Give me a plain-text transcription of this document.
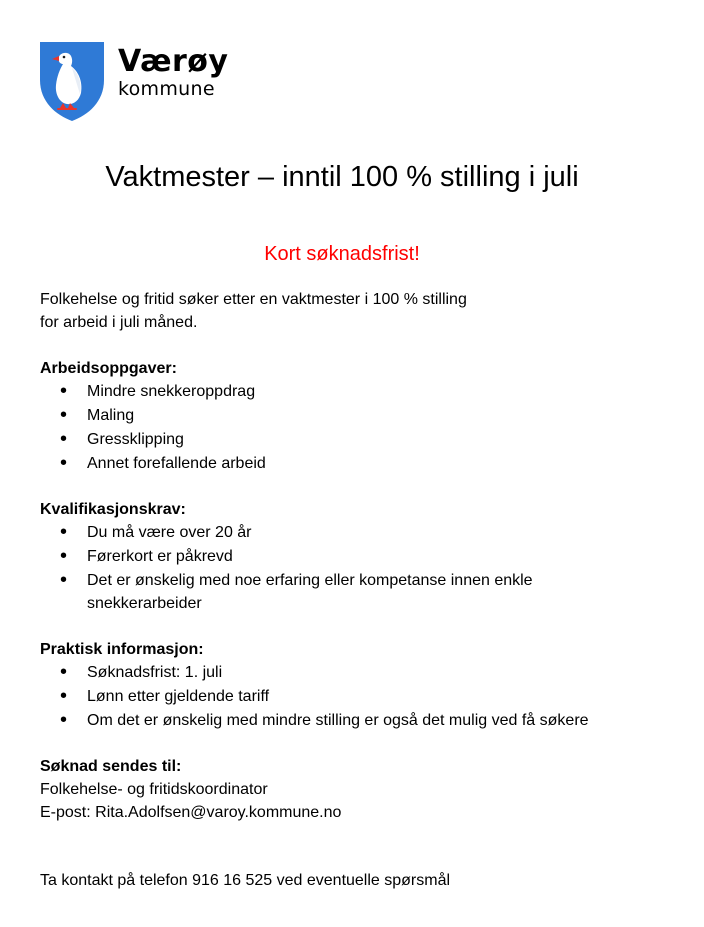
Værøy
kommune
Vaktmester – inntil 100 % stilling i juli
Kort søknadsfrist!

Folkehelse og fritid søker etter en vaktmester i 100 % stilling
for arbeid i juli måned.

Arbeidsoppgaver:

• Mindre snekkeroppdrag
• Maling
• Gressklipping
• Annet forefallende arbeid

Kvalifikasjonskrav:

• Du må være over 20 år
• Førerkort er påkrevd
• Det er ønskelig med noe erfaring eller kompetanse innen enkle snekkerarbeider

Praktisk informasjon:

• Søknadsfrist: 1. juli
• Lønn etter gjeldende tariff
• Om det er ønskelig med mindre stilling er også det mulig ved få søkere

Søknad sendes til:

Folkehelse- og fritidskoordinator

E-post: Rita.Adolfsen@varoy.kommune.no

Ta kontakt på telefon 916 16 525 ved eventuelle spørsmål
